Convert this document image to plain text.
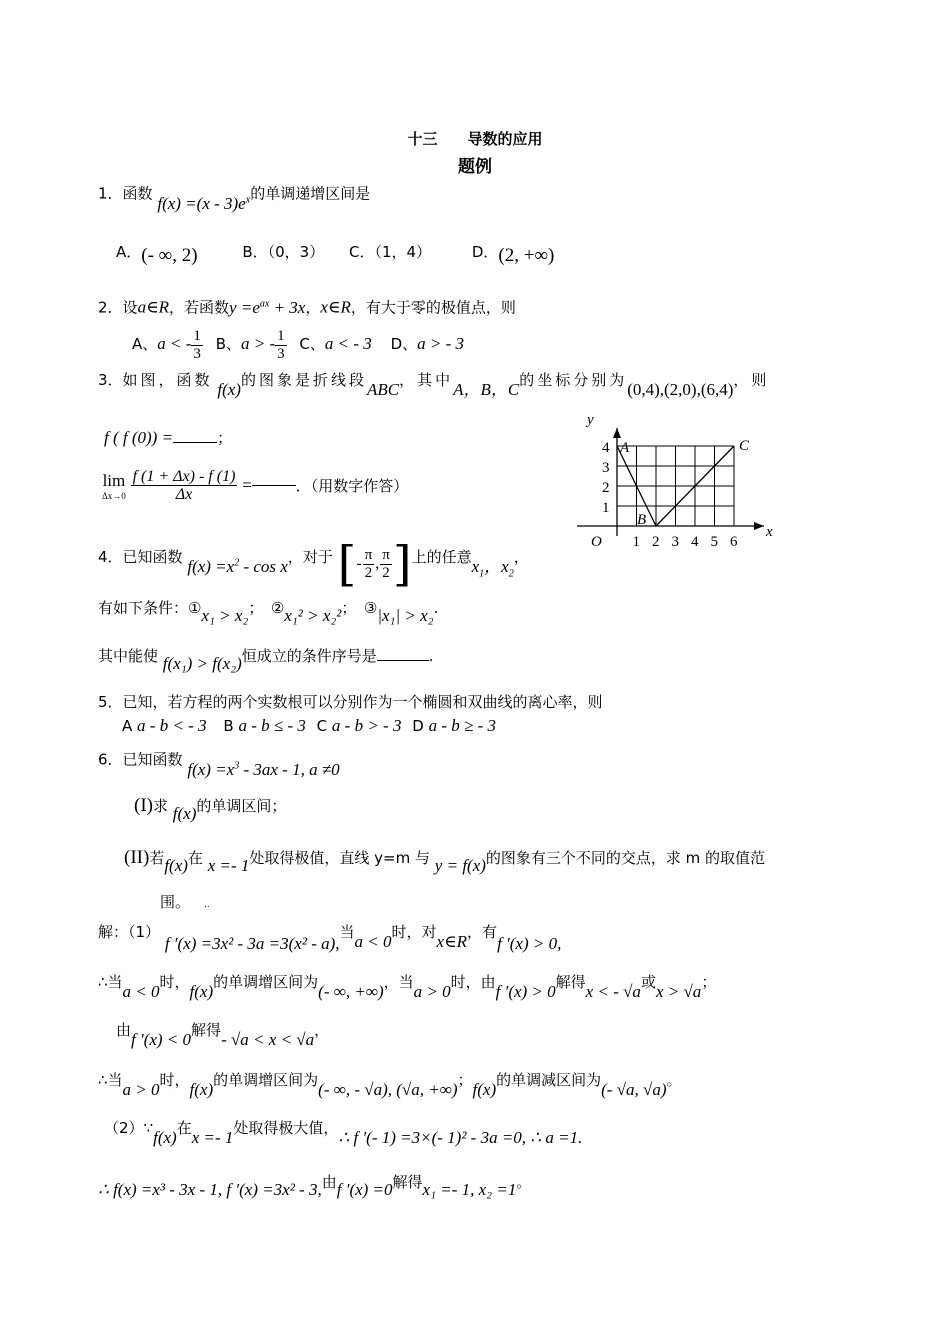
十三　　导数的应用
题例
1．函数 $f(x) =(x - 3)e^x$的单调递增区间是
A．(- ∞, 2)	B．（0，3） C．（1，4）	D．(2, +∞)
2．设a∈R，若函数$y =e^{ax} + 3x$，x∈R，有大于零的极值点，则
A、a < - $\frac{1}{3}$ B、a > - $\frac{1}{3}$ C、a < - 3 D、a > - 3
3．如图，函数 f(x)的图象是折线段ABC，其中A，B，C的坐标分别为(0,4),(2,0),(6,4)，则
f ( f (0)) =	；
lim
Δx→0
$\frac{f (1 + \Delta x) - f (1)}{\Delta x}$ =	．（用数字作答）
x
y
O
A
B
C
1 2 3 4 5 6
1
2
3
4
4．已知函数 $f(x) =x^2 - \cos x$，对于 [- $\frac{\pi}{2}$ , $\frac{\pi}{2}$ ]上的任意$x_1$，$x_2$，
有如下条件：①x₁ > x₂；　②x₁² > x₂²；　③|x₁| > x₂.
其中能使 f(x₁) > f(x₂)恒成立的条件序号是	.
5．已知，若方程的两个实数根可以分别作为一个椭圆和双曲线的离心率，则
A a - b < - 3 B a - b ≤ - 3 C a - b > - 3 D a - b ≥ - 3
6．已知函数 $f(x) =x^3 - 3ax - 1$, a ≠0
(I)求 f(x)的单调区间；
(II)若f(x)在 x =- 1处取得极值，直线 y=m 与 y = f(x)的图象有三个不同的交点，求 m 的取值范
围。 ..
解：（1） f ′(x) =3x² - 3a =3(x² - a),当a < 0时，对x∈R，有f ′(x) > 0,
∴当a < 0时，f(x)的单调增区间为(- ∞, +∞)，当a > 0时，由f ′(x) > 0解得x < - √a或x > √a；
由f ′(x) < 0解得- √a < x < √a，
∴当a > 0时，f(x)的单调增区间为(- ∞, - √a), (√a, +∞)；f(x)的单调减区间为(- √a, √a)。
（2）∵f(x)在x =- 1处取得极大值，∴ f ′(- 1) =3×(- 1)² - 3a =0, ∴ a =1.
∴ f(x) =x³ - 3x - 1, f ′(x) =3x² - 3,由f ′(x) =0解得x₁ =- 1, x₂ =1。
